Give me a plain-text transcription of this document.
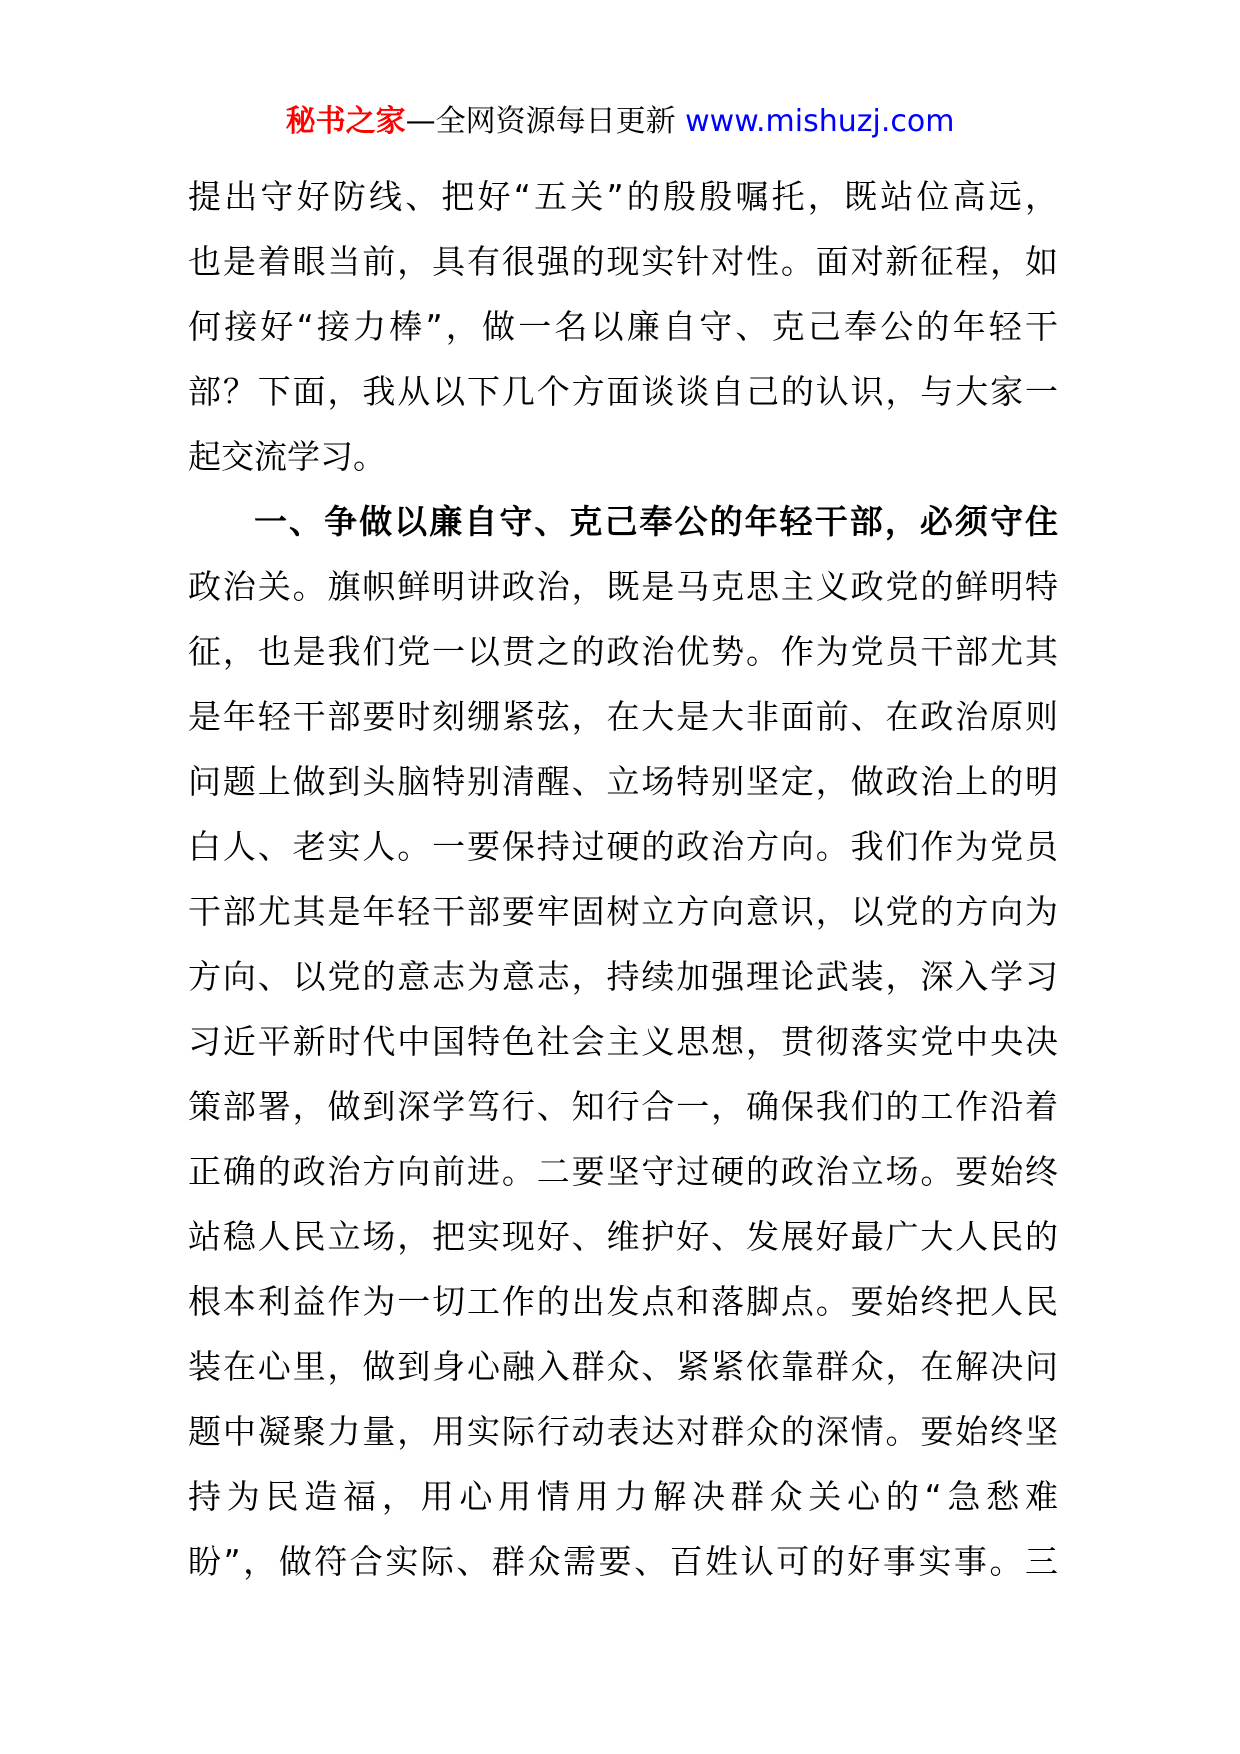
秘书之家—全网资源每日更新 www.mishuzj.com
提出守好防线、把好“五关”的殷殷嘱托，既站位高远，
也是着眼当前，具有很强的现实针对性。面对新征程，如
何接好“接力棒”，做一名以廉自守、克己奉公的年轻干
部？下面，我从以下几个方面谈谈自己的认识，与大家一
起交流学习。
一、争做以廉自守、克己奉公的年轻干部，必须守住
政治关。旗帜鲜明讲政治，既是马克思主义政党的鲜明特
征，也是我们党一以贯之的政治优势。作为党员干部尤其
是年轻干部要时刻绷紧弦，在大是大非面前、在政治原则
问题上做到头脑特别清醒、立场特别坚定，做政治上的明
白人、老实人。一要保持过硬的政治方向。我们作为党员
干部尤其是年轻干部要牢固树立方向意识，以党的方向为
方向、以党的意志为意志，持续加强理论武装，深入学习
习近平新时代中国特色社会主义思想，贯彻落实党中央决
策部署，做到深学笃行、知行合一，确保我们的工作沿着
正确的政治方向前进。二要坚守过硬的政治立场。要始终
站稳人民立场，把实现好、维护好、发展好最广大人民的
根本利益作为一切工作的出发点和落脚点。要始终把人民
装在心里，做到身心融入群众、紧紧依靠群众，在解决问
题中凝聚力量，用实际行动表达对群众的深情。要始终坚
持为民造福，用心用情用力解决群众关心的“急愁难
盼”，做符合实际、群众需要、百姓认可的好事实事。三
